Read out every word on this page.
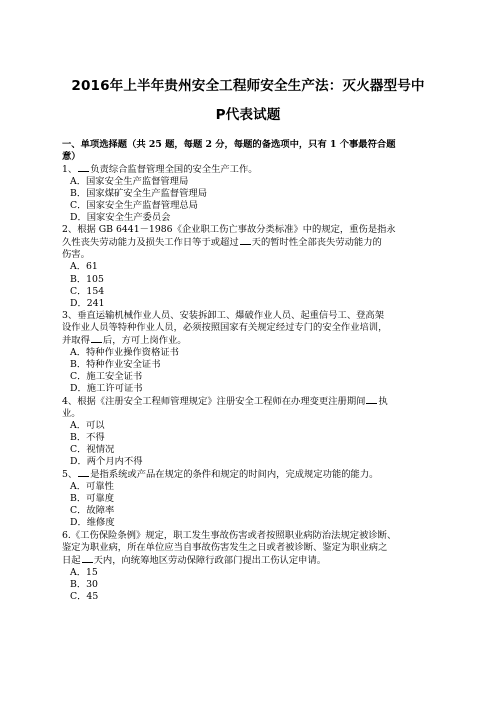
2016年上半年贵州安全工程师安全生产法：灭火器型号中
P代表试题
一、单项选择题（共 25 题，每题 2 分，每题的备选项中，只有 1 个事最符合题
意）
1、 负责综合监督管理全国的安全生产工作。
A．国家安全生产监督管理局
B．国家煤矿安全生产监督管理局
C．国家安全生产监督管理总局
D．国家安全生产委员会
2、根据 GB 6441－1986《企业职工伤亡事故分类标准》中的规定，重伤是指永
久性丧失劳动能力及损失工作日等于或超过 天的暂时性全部丧失劳动能力的
伤害。
A．61
B．105
C．154
D．241
3、垂直运输机械作业人员、安装拆卸工、爆破作业人员、起重信号工、登高架
设作业人员等特种作业人员，必须按照国家有关规定经过专门的安全作业培训，
并取得 后，方可上岗作业。
A．特种作业操作资格证书
B．特种作业安全证书
C．施工安全证书
D．施工许可证书
4、根据《注册安全工程师管理规定》注册安全工程师在办理变更注册期间 执
业。
A．可以
B．不得
C．视情况
D．两个月内不得
5、 是指系统或产品在规定的条件和规定的时间内，完成规定功能的能力。
A．可靠性
B．可靠度
C．故障率
D．维修度
6.《工伤保险条例》规定，职工发生事故伤害或者按照职业病防治法规定被诊断、
鉴定为职业病，所在单位应当自事故伤害发生之日或者被诊断、鉴定为职业病之
日起 天内，向统筹地区劳动保障行政部门提出工伤认定申请。
A．15
B．30
C．45
